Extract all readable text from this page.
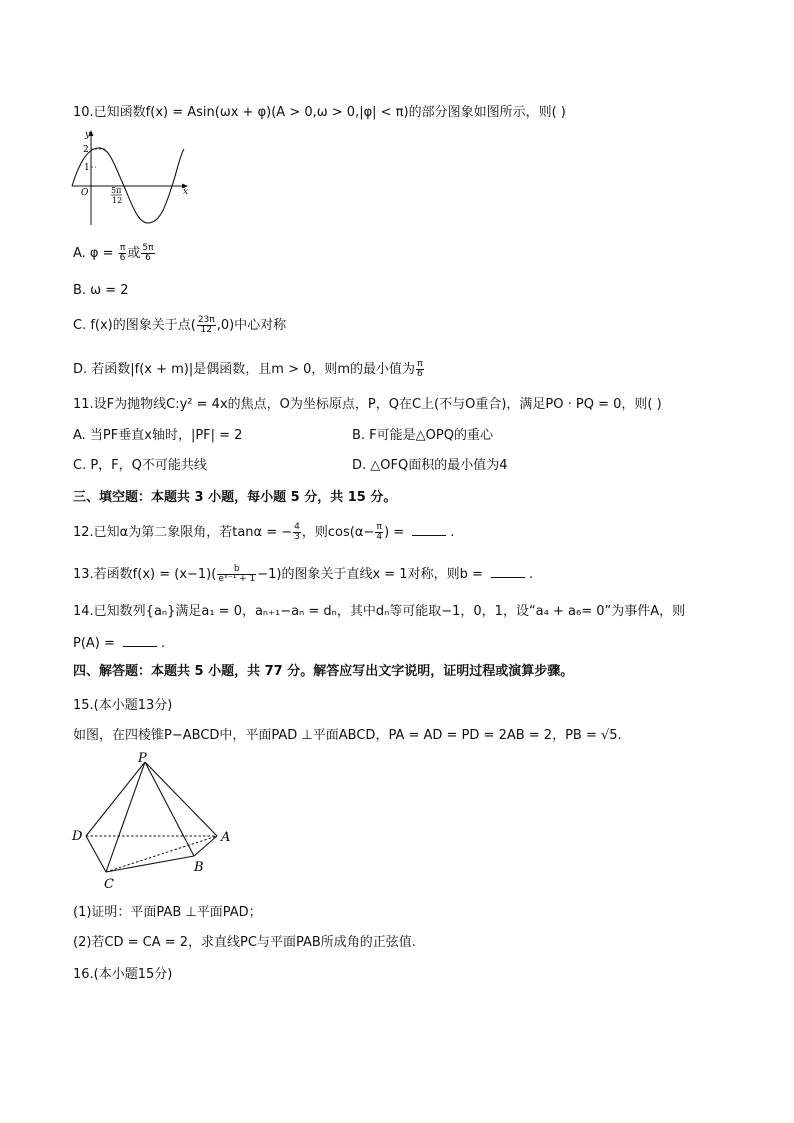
10.已知函数f(x) = Asin(ωx + φ)(A > 0,ω > 0,|φ| < π)的部分图象如图所示，则( )
y
x
2
1
O	5π
12
A. $\varphi = \frac{\pi}{6}$ 或 $\frac{5\pi}{6}$
B. ω = 2
C. f(x)的图象关于点( $\frac{23\pi}{12} ,0$)中心对称
D. 若函数|f(x + m)|是偶函数，且m > 0，则m的最小值为 $\frac{\pi}{6}$
11.设F为抛物线C:y² = 4x的焦点，O为坐标原点，P，Q在C上(不与O重合)，满足PO · PQ = 0，则( )
A. 当PF垂直x轴时，|PF| = 2	B. F可能是△OPQ的重心
C. P，F，Q不可能共线	D. △OFQ面积的最小值为4
三、填空题：本题共 3 小题，每小题 5 分，共 15 分。
12.已知α为第二象限角，若tanα = − $\frac{4}{3}$ ，则$\cos(\alpha- \frac{\pi}{4}$ ) =	.
13.若函数$f(x) = (x-1)( \frac{b}{\text{eˣ⁻¹ + 1}} -1)$的图象关于直线x = 1对称，则b =	.
14.已知数列{aₙ}满足a₁ = 0，aₙ₊₁−aₙ = dₙ，其中dₙ等可能取−1，0，1，设“a₄ + a₆= 0”为事件A，则
P(A) =	.
四、解答题：本题共 5 小题，共 77 分。解答应写出文字说明，证明过程或演算步骤。
15.(本小题13分)
如图，在四棱锥P−ABCD中，平面PAD ⊥平面ABCD，PA = AD = PD = 2AB = 2，PB = √5.
P
A
B
C
D
(1)证明：平面PAB ⊥平面PAD；
(2)若CD = CA = 2，求直线PC与平面PAB所成角的正弦值.
16.(本小题15分)
